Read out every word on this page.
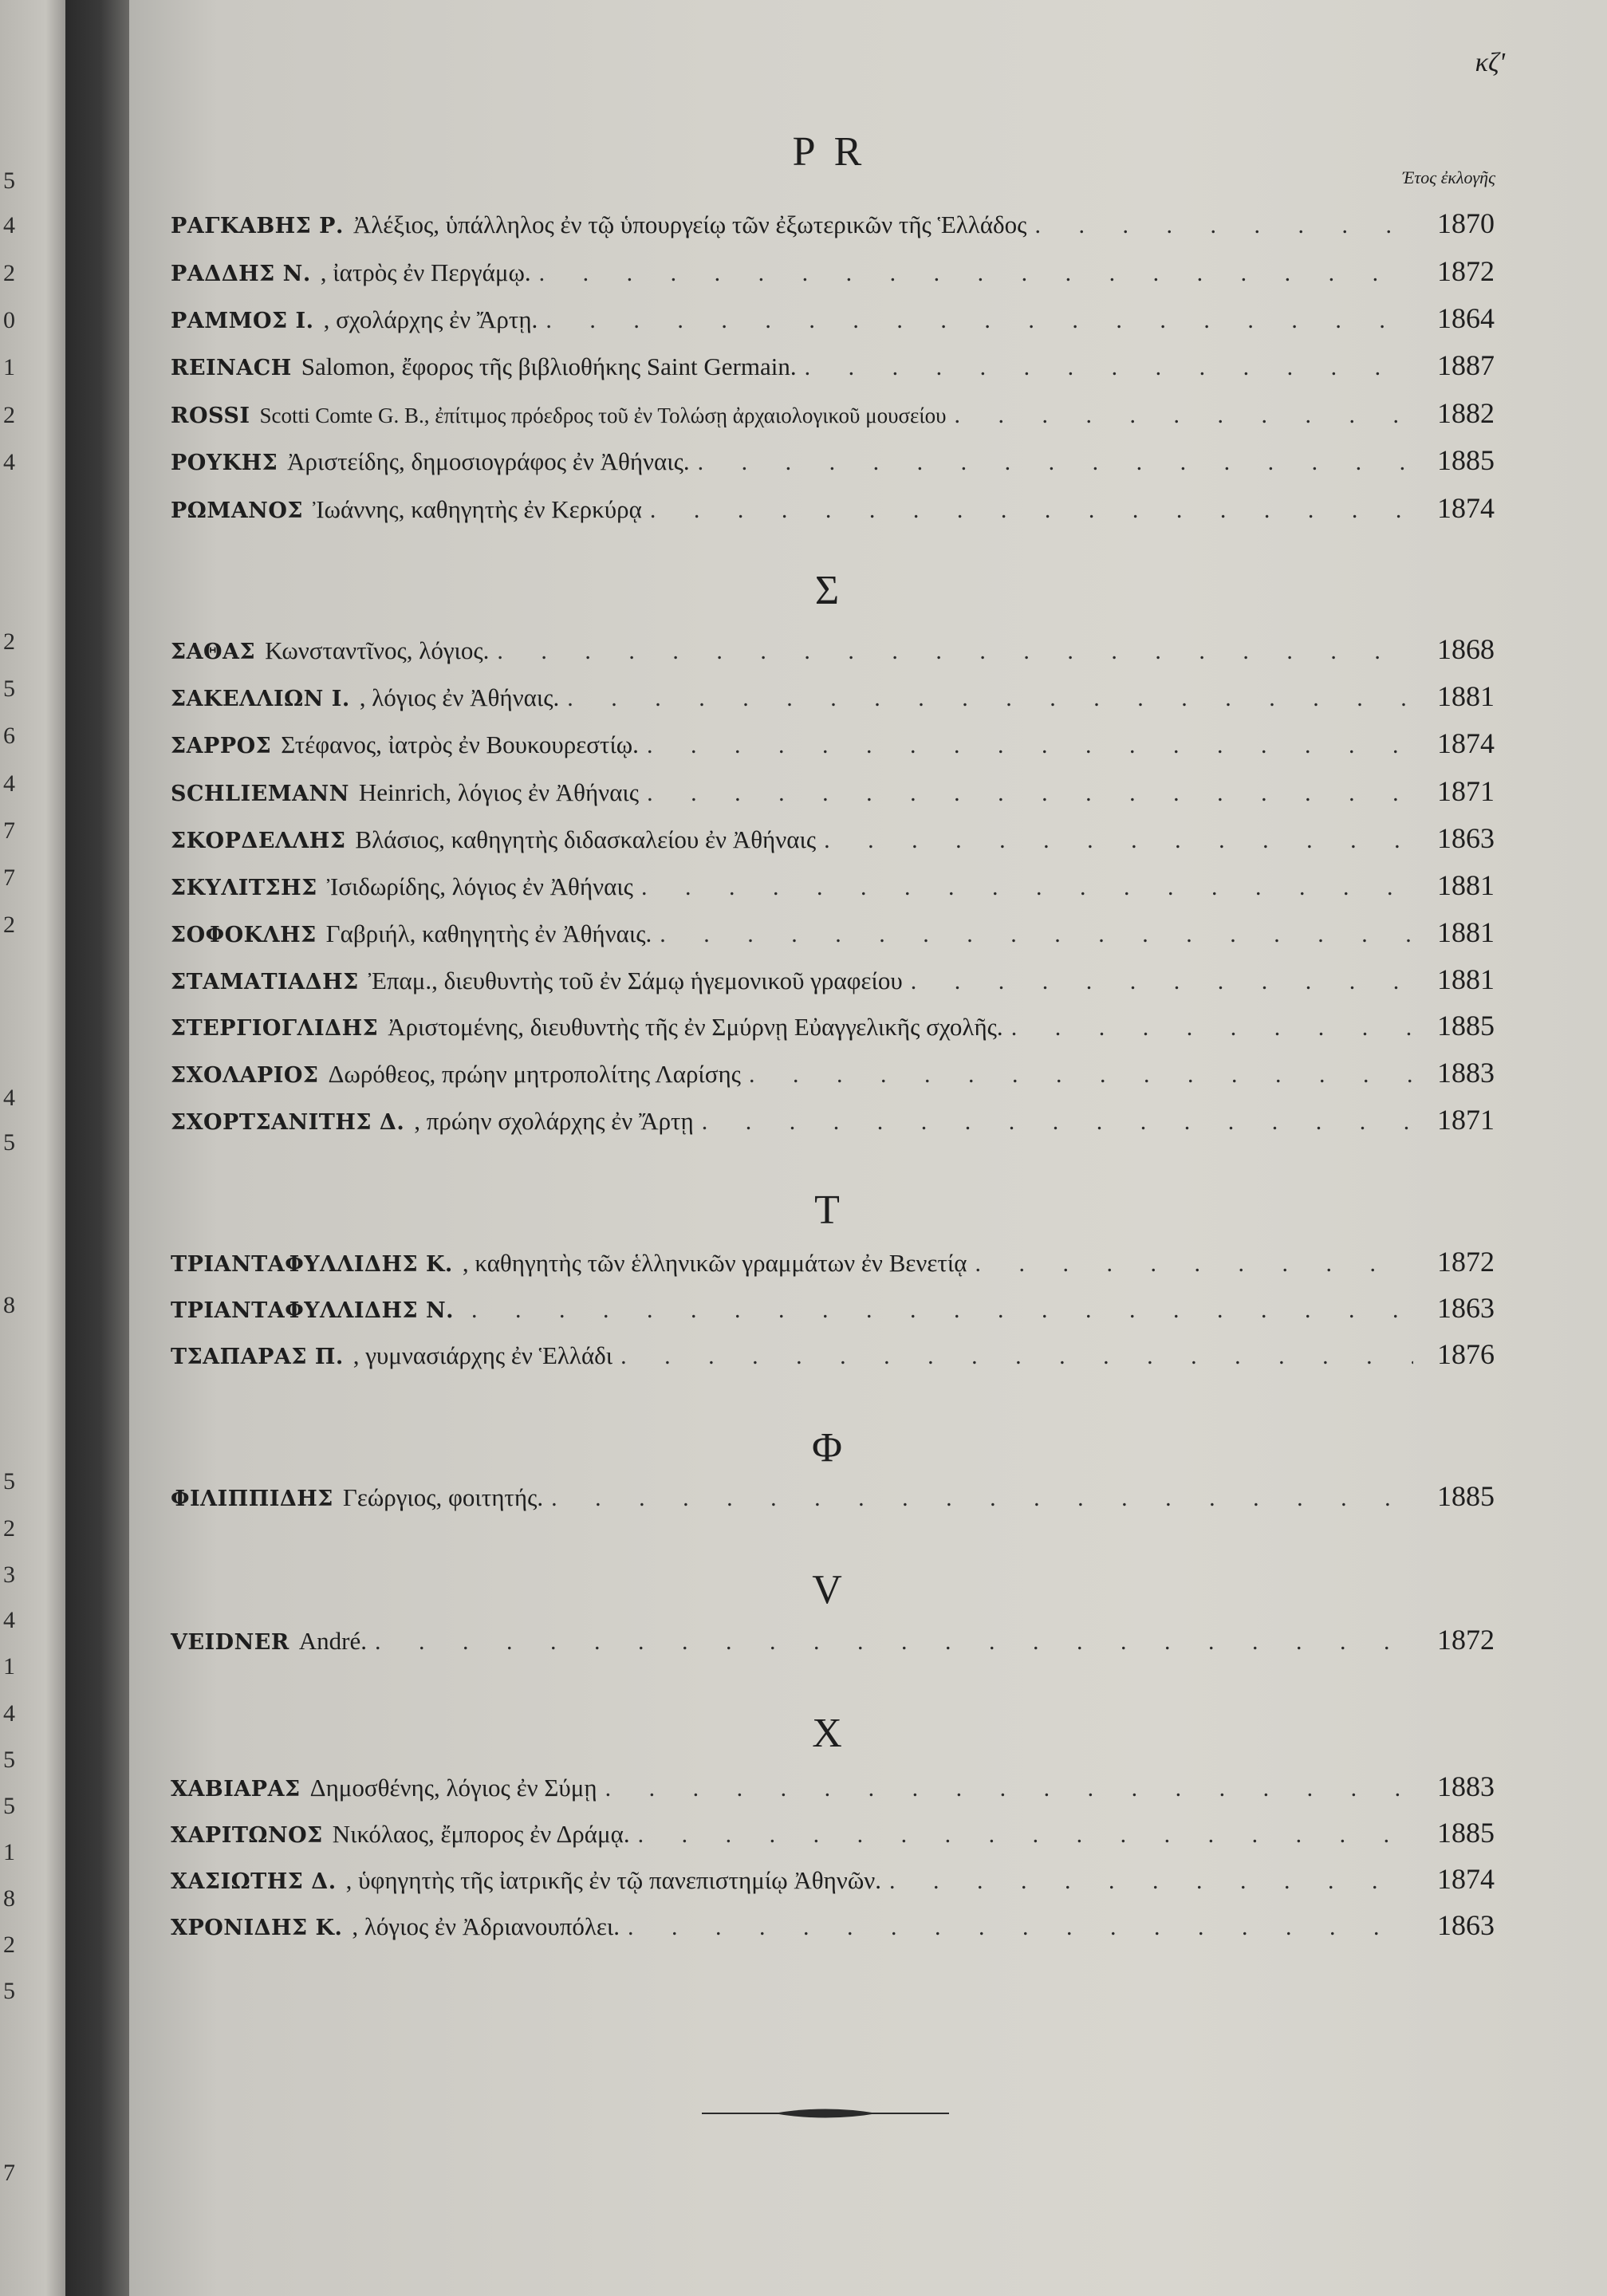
5
4
2
0
1
2
4
2
5
6
4
7
7
2
4
5
8
5
2
3
4
1
4
5
5
1
8
2
5
7
κζ'
P R
Έτος ἐκλογῆς
ΡΑΓΚΑΒΗΣ Ρ. Ἀλέξιος, ὑπάλληλος ἐν τῷ ὑπουργείῳ τῶν ἐξωτερικῶν τῆς Ἑλλάδος . . .	1870
ΡΑΔΔΗΣ Ν. , ἰατρὸς ἐν Περγάμῳ. . . .	1872
ΡΑΜΜΟΣ Ι. , σχολάρχης ἐν Ἄρτῃ. . . .	1864
REINACH Salomon, ἔφορος τῆς βιβλιοθήκης Saint Germain. . . .	1887
ROSSI Scotti Comte G. B., ἐπίτιμος πρόεδρος τοῦ ἐν Τολώσῃ ἀρχαιολογικοῦ μουσείου . . .	1882
ΡΟΥΚΗΣ Ἀριστείδης, δημοσιογράφος ἐν Ἀθήναις. . . .	1885
ΡΩΜΑΝΟΣ Ἰωάννης, καθηγητὴς ἐν Κερκύρᾳ . . .	1874
Σ
ΣΑΘΑΣ Κωνσταντῖνος, λόγιος. . . .	1868
ΣΑΚΕΛΛΙΩΝ Ι. , λόγιος ἐν Ἀθήναις. . . .	1881
ΣΑΡΡΟΣ Στέφανος, ἰατρὸς ἐν Βουκουρεστίῳ. . . .	1874
SCHLIEMANN Heinrich, λόγιος ἐν Ἀθήναις . . .	1871
ΣΚΟΡΔΕΛΛΗΣ Βλάσιος, καθηγητὴς διδασκαλείου ἐν Ἀθήναις . . .	1863
ΣΚΥΛΙΤΣΗΣ Ἰσιδωρίδης, λόγιος ἐν Ἀθήναις . . .	1881
ΣΟΦΟΚΛΗΣ Γαβριήλ, καθηγητὴς ἐν Ἀθήναις. . . .	1881
ΣΤΑΜΑΤΙΑΔΗΣ Ἐπαμ., διευθυντὴς τοῦ ἐν Σάμῳ ἡγεμονικοῦ γραφείου . . .	1881
ΣΤΕΡΓΙΟΓΛΙΔΗΣ Ἀριστομένης, διευθυντὴς τῆς ἐν Σμύρνῃ Εὐαγγελικῆς σχολῆς. . . .	1885
ΣΧΟΛΑΡΙΟΣ Δωρόθεος, πρώην μητροπολίτης Λαρίσης . . .	1883
ΣΧΟΡΤΣΑΝΙΤΗΣ Δ. , πρώην σχολάρχης ἐν Ἄρτῃ . . .	1871
T
ΤΡΙΑΝΤΑΦΥΛΛΙΔΗΣ Κ. , καθηγητὴς τῶν ἑλληνικῶν γραμμάτων ἐν Βενετίᾳ . . .	1872
ΤΡΙΑΝΤΑΦΥΛΛΙΔΗΣ Ν. . . .	1863
ΤΣΑΠΑΡΑΣ Π. , γυμνασιάρχης ἐν Ἑλλάδι . . .	1876
Φ
ΦΙΛΙΠΠΙΔΗΣ Γεώργιος, φοιτητής. . . .	1885
V
VEIDNER André. . . .	1872
X
ΧΑΒΙΑΡΑΣ Δημοσθένης, λόγιος ἐν Σύμῃ . . .	1883
ΧΑΡΙΤΩΝΟΣ Νικόλαος, ἔμπορος ἐν Δράμᾳ. . . .	1885
ΧΑΣΙΩΤΗΣ Δ. , ὑφηγητὴς τῆς ἰατρικῆς ἐν τῷ πανεπιστημίῳ Ἀθηνῶν. . . .	1874
ΧΡΟΝΙΔΗΣ Κ. , λόγιος ἐν Ἀδριανουπόλει. . . .	1863
